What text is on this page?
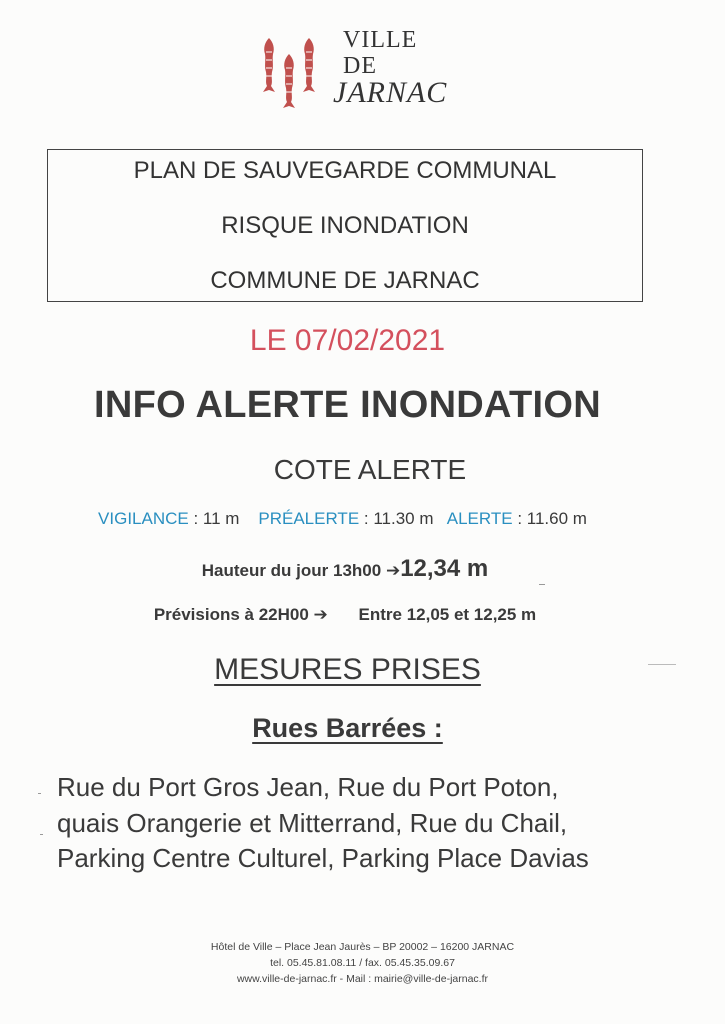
VILLE
DE
JARNAC
PLAN DE SAUVEGARDE COMMUNAL
RISQUE INONDATION
COMMUNE DE JARNAC
LE 07/02/2021
INFO ALERTE INONDATION
COTE ALERTE
VIGILANCE : 11 m PRÉALERTE : 11.30 m ALERTE : 11.60 m
Hauteur du jour 13h00 ➔12,34 m
Prévisions à 22H00 ➔ Entre 12,05 et 12,25 m
MESURES PRISES
Rues Barrées :
Rue du Port Gros Jean, Rue du Port Poton,
quais Orangerie et Mitterrand, Rue du Chail,
Parking Centre Culturel, Parking Place Davias
Hôtel de Ville – Place Jean Jaurès – BP 20002 – 16200 JARNAC
tel. 05.45.81.08.11 / fax. 05.45.35.09.67
www.ville-de-jarnac.fr - Mail : mairie@ville-de-jarnac.fr
